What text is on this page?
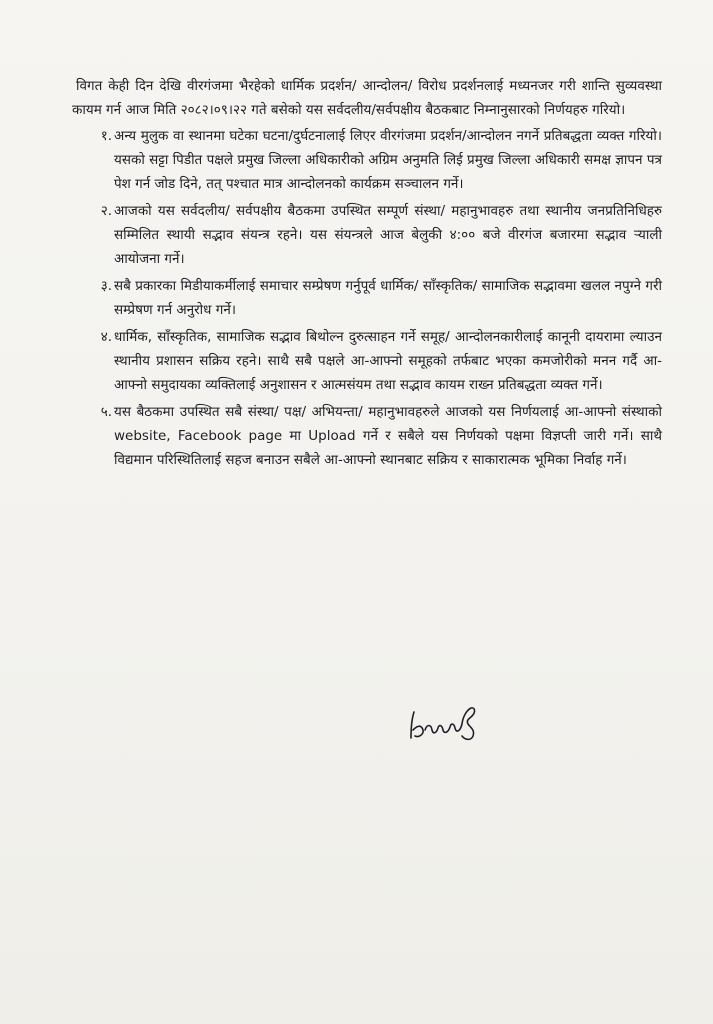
विगत केही दिन देखि वीरगंजमा भैरहेको धार्मिक प्रदर्शन/ आन्दोलन/ विरोध प्रदर्शनलाई मध्यनजर गरी शान्ति सुव्यवस्था कायम गर्न आज मिति २०८२।०९।२२ गते बसेको यस सर्वदलीय/सर्वपक्षीय बैठकबाट निम्नानुसारको निर्णयहरु गरियो।

१. अन्य मुलुक वा स्थानमा घटेका घटना/दुर्घटनालाई लिएर वीरगंजमा प्रदर्शन/आन्दोलन नगर्ने प्रतिबद्धता व्यक्त गरियो। यसको सट्टा पिडीत पक्षले प्रमुख जिल्ला अधिकारीको अग्रिम अनुमति लिई प्रमुख जिल्ला अधिकारी समक्ष ज्ञापन पत्र पेश गर्न जोड दिने, तत् पश्चात मात्र आन्दोलनको कार्यक्रम सञ्चालन गर्ने।
२. आजको यस सर्वदलीय/ सर्वपक्षीय बैठकमा उपस्थित सम्पूर्ण संस्था/ महानुभावहरु तथा स्थानीय जनप्रतिनिधिहरु सम्मिलित स्थायी सद्भाव संयन्त्र रहने। यस संयन्त्रले आज बेलुकी ४:०० बजे वीरगंज बजारमा सद्भाव र्‍याली आयोजना गर्ने।
३. सबै प्रकारका मिडीयाकर्मीलाई समाचार सम्प्रेषण गर्नुपूर्व धार्मिक/ साँस्कृतिक/ सामाजिक सद्भावमा खलल नपुग्ने गरी सम्प्रेषण गर्न अनुरोध गर्ने।
४. धार्मिक, साँस्कृतिक, सामाजिक सद्भाव बिथोल्न दुरुत्साहन गर्ने समूह/ आन्दोलनकारीलाई कानूनी दायरामा ल्याउन स्थानीय प्रशासन सक्रिय रहने। साथै सबै पक्षले आ-आफ्नो समूहको तर्फबाट भएका कमजोरीको मनन गर्दै आ-आफ्नो समुदायका व्यक्तिलाई अनुशासन र आत्मसंयम तथा सद्भाव कायम राख्न प्रतिबद्धता व्यक्त गर्ने।
५. यस बैठकमा उपस्थित सबै संस्था/ पक्ष/ अभियन्ता/ महानुभावहरुले आजको यस निर्णयलाई आ-आफ्नो संस्थाको website, Facebook page मा Upload गर्ने र सबैले यस निर्णयको पक्षमा विज्ञप्ती जारी गर्ने। साथै विद्यमान परिस्थितिलाई सहज बनाउन सबैले आ-आफ्नो स्थानबाट सक्रिय र साकारात्मक भूमिका निर्वाह गर्ने।
